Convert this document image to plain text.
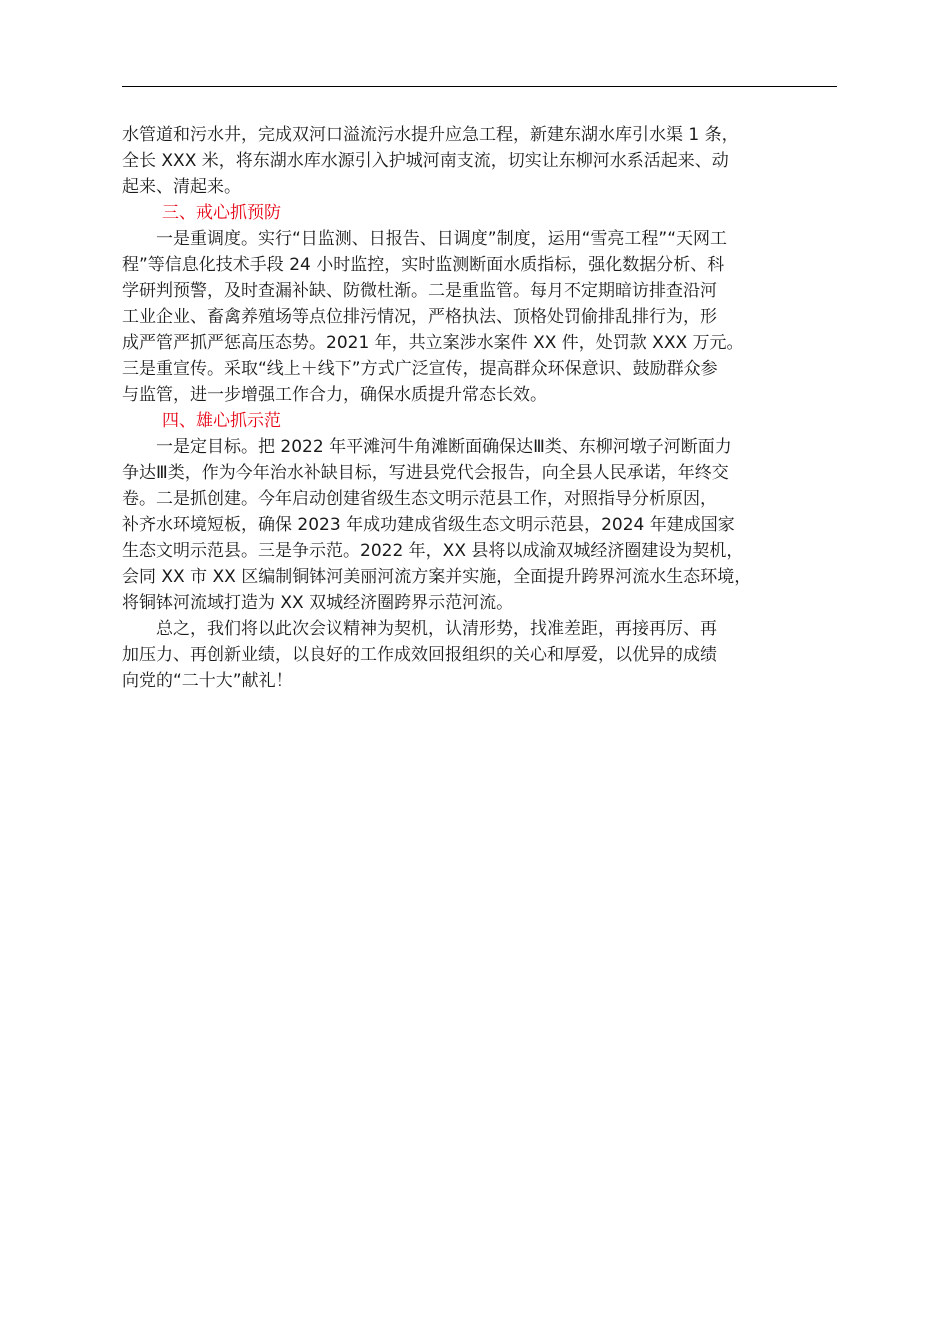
水管道和污水井，完成双河口溢流污水提升应急工程，新建东湖水库引水渠 1 条，
全长 XXX 米，将东湖水库水源引入护城河南支流，切实让东柳河水系活起来、动
起来、清起来。
三、戒心抓预防
一是重调度。实行“日监测、日报告、日调度”制度，运用“雪亮工程”“天网工
程”等信息化技术手段 24 小时监控，实时监测断面水质指标，强化数据分析、科
学研判预警，及时查漏补缺、防微杜渐。二是重监管。每月不定期暗访排查沿河
工业企业、畜禽养殖场等点位排污情况，严格执法、顶格处罚偷排乱排行为，形
成严管严抓严惩高压态势。2021 年，共立案涉水案件 XX 件，处罚款 XXX 万元。
三是重宣传。采取“线上＋线下”方式广泛宣传，提高群众环保意识、鼓励群众参
与监管，进一步增强工作合力，确保水质提升常态长效。
四、雄心抓示范
一是定目标。把 2022 年平滩河牛角滩断面确保达Ⅲ类、东柳河墩子河断面力
争达Ⅲ类，作为今年治水补缺目标，写进县党代会报告，向全县人民承诺，年终交
卷。二是抓创建。今年启动创建省级生态文明示范县工作，对照指导分析原因，
补齐水环境短板，确保 2023 年成功建成省级生态文明示范县，2024 年建成国家
生态文明示范县。三是争示范。2022 年，XX 县将以成渝双城经济圈建设为契机，
会同 XX 市 XX 区编制铜钵河美丽河流方案并实施，全面提升跨界河流水生态环境，
将铜钵河流域打造为 XX 双城经济圈跨界示范河流。
总之，我们将以此次会议精神为契机，认清形势，找准差距，再接再厉、再
加压力、再创新业绩，以良好的工作成效回报组织的关心和厚爱，以优异的成绩
向党的“二十大”献礼！
